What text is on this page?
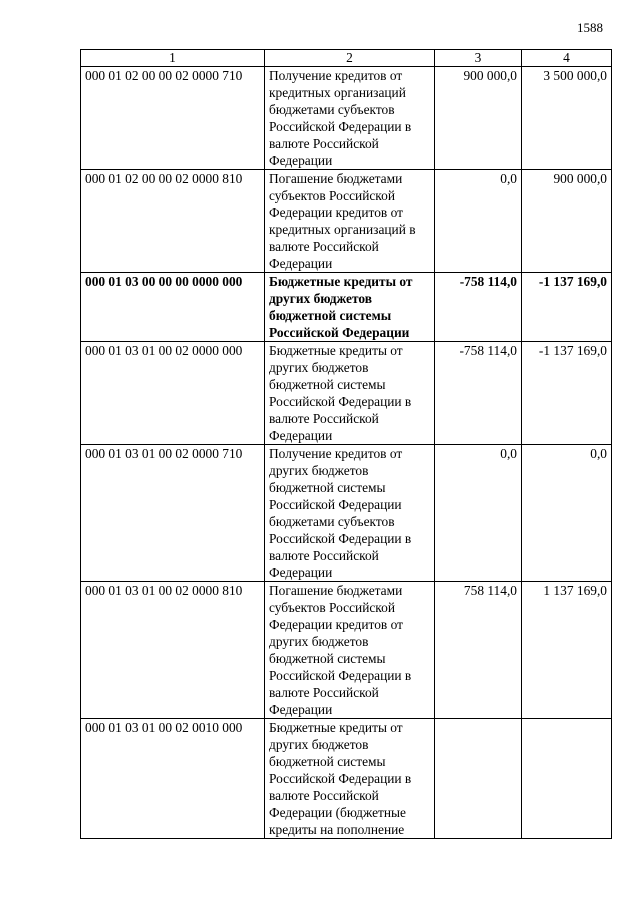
1588
1	2	3	4
000 01 02 00 00 02 0000 710	Получение кредитов от кредитных организаций бюджетами субъектов Российской Федерации в валюте Российской Федерации	900 000,0	3 500 000,0
000 01 02 00 00 02 0000 810	Погашение бюджетами субъектов Российской Федерации кредитов от кредитных организаций в валюте Российской Федерации	0,0	900 000,0
000 01 03 00 00 00 0000 000	Бюджетные кредиты от других бюджетов бюджетной системы Российской Федерации	-758 114,0	-1 137 169,0
000 01 03 01 00 02 0000 000	Бюджетные кредиты от других бюджетов бюджетной системы Российской Федерации в валюте Российской Федерации	-758 114,0	-1 137 169,0
000 01 03 01 00 02 0000 710	Получение кредитов от других бюджетов бюджетной системы Российской Федерации бюджетами субъектов Российской Федерации в валюте Российской Федерации	0,0	0,0
000 01 03 01 00 02 0000 810	Погашение бюджетами субъектов Российской Федерации кредитов от других бюджетов бюджетной системы Российской Федерации в валюте Российской Федерации	758 114,0	1 137 169,0
000 01 03 01 00 02 0010 000	Бюджетные кредиты от других бюджетов бюджетной системы Российской Федерации в валюте Российской Федерации (бюджетные кредиты на пополнение		
